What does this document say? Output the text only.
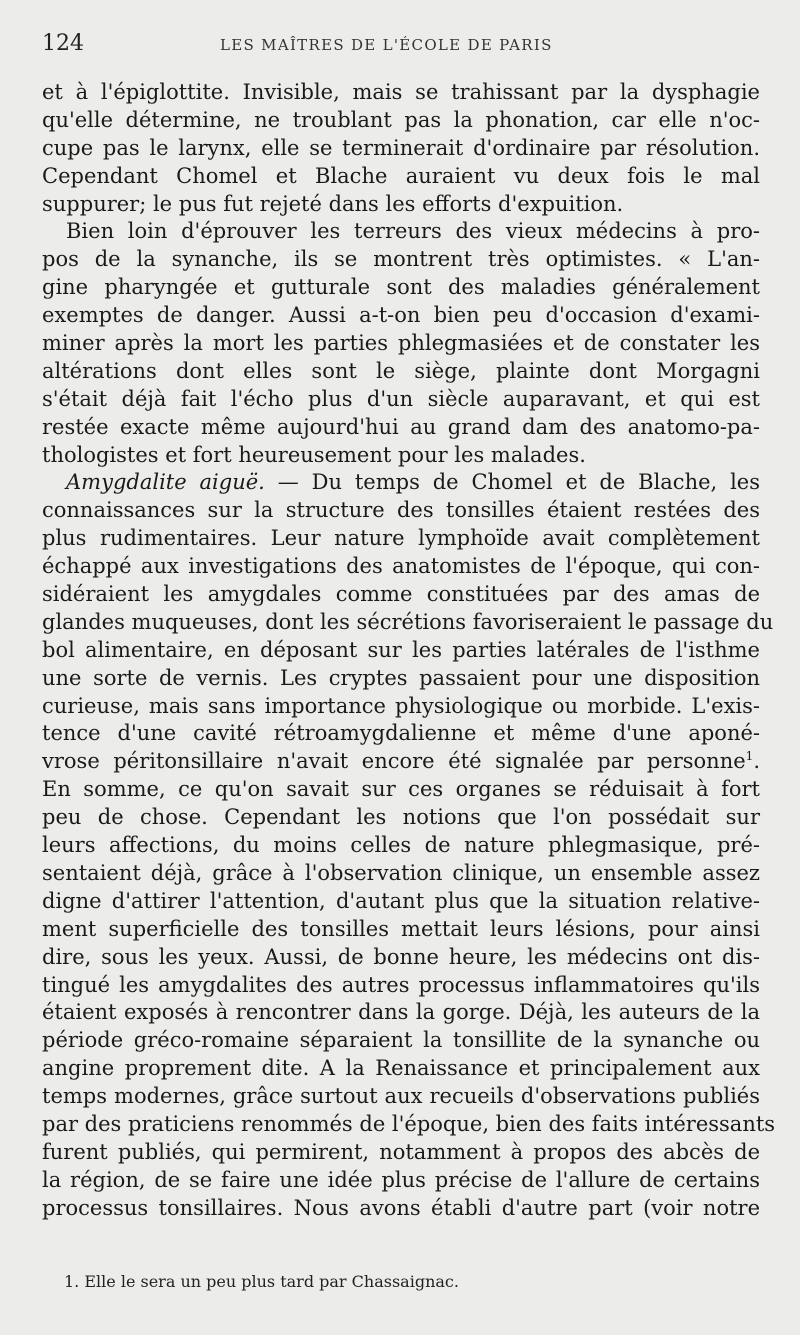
124	LES MAÎTRES DE L'ÉCOLE DE PARIS
et à l'épiglottite. Invisible, mais se trahissant par la dysphagie
qu'elle détermine, ne troublant pas la phonation, car elle n'oc-
cupe pas le larynx, elle se terminerait d'ordinaire par résolution.
Cependant Chomel et Blache auraient vu deux fois le mal
suppurer; le pus fut rejeté dans les efforts d'expuition.
Bien loin d'éprouver les terreurs des vieux médecins à pro-
pos de la synanche, ils se montrent très optimistes. « L'an-
gine pharyngée et gutturale sont des maladies généralement
exemptes de danger. Aussi a-t-on bien peu d'occasion d'exami-
miner après la mort les parties phlegmasiées et de constater les
altérations dont elles sont le siège, plainte dont Morgagni
s'était déjà fait l'écho plus d'un siècle auparavant, et qui est
restée exacte même aujourd'hui au grand dam des anatomo-pa-
thologistes et fort heureusement pour les malades.
Amygdalite aiguë. — Du temps de Chomel et de Blache, les
connaissances sur la structure des tonsilles étaient restées des
plus rudimentaires. Leur nature lymphoïde avait complètement
échappé aux investigations des anatomistes de l'époque, qui con-
sidéraient les amygdales comme constituées par des amas de
glandes muqueuses, dont les sécrétions favoriseraient le passage du
bol alimentaire, en déposant sur les parties latérales de l'isthme
une sorte de vernis. Les cryptes passaient pour une disposition
curieuse, mais sans importance physiologique ou morbide. L'exis-
tence d'une cavité rétroamygdalienne et même d'une aponé-
vrose péritonsillaire n'avait encore été signalée par personne$^1$.
En somme, ce qu'on savait sur ces organes se réduisait à fort
peu de chose. Cependant les notions que l'on possédait sur
leurs affections, du moins celles de nature phlegmasique, pré-
sentaient déjà, grâce à l'observation clinique, un ensemble assez
digne d'attirer l'attention, d'autant plus que la situation relative-
ment superficielle des tonsilles mettait leurs lésions, pour ainsi
dire, sous les yeux. Aussi, de bonne heure, les médecins ont dis-
tingué les amygdalites des autres processus inflammatoires qu'ils
étaient exposés à rencontrer dans la gorge. Déjà, les auteurs de la
période gréco-romaine séparaient la tonsillite de la synanche ou
angine proprement dite. A la Renaissance et principalement aux
temps modernes, grâce surtout aux recueils d'observations publiés
par des praticiens renommés de l'époque, bien des faits intéressants
furent publiés, qui permirent, notamment à propos des abcès de
la région, de se faire une idée plus précise de l'allure de certains
processus tonsillaires. Nous avons établi d'autre part (voir notre
1. Elle le sera un peu plus tard par Chassaignac.
